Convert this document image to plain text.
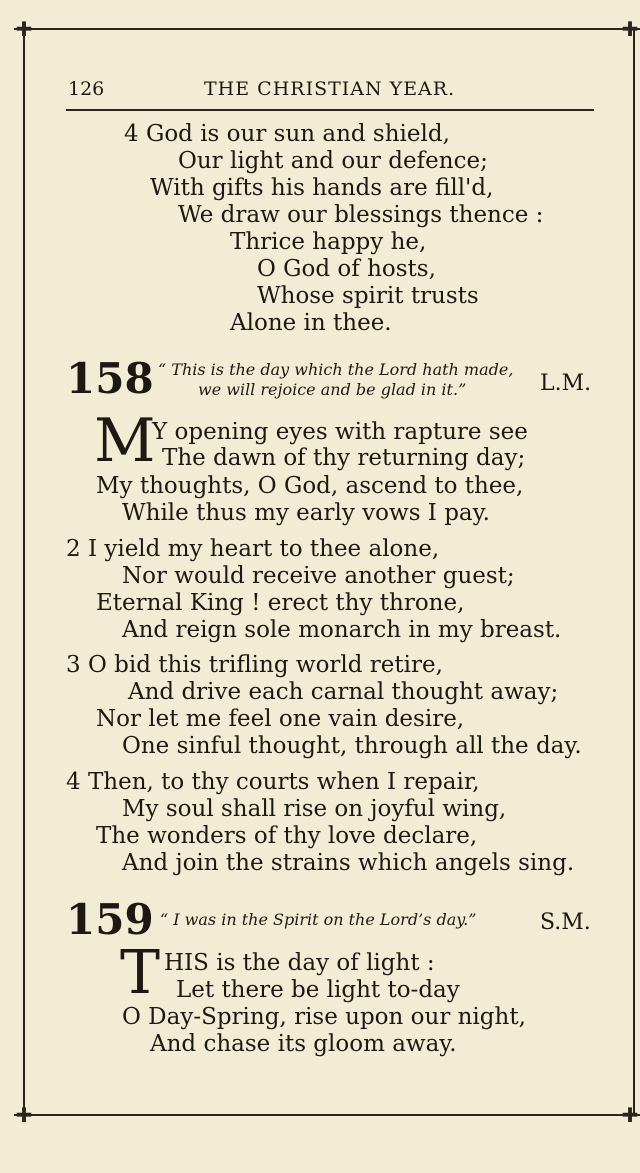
✚	✚
✚	✚
126	THE CHRISTIAN YEAR.
4 God is our sun and shield,
Our light and our defence;
With gifts his hands are fill'd,
We draw our blessings thence :
Thrice happy he,
O God of hosts,
Whose spirit trusts
Alone in thee.
158 “ This is the day which the Lord hath made,
we will rejoice and be glad in it.”	L.M.
M
Y opening eyes with rapture see
The dawn of thy returning day;
My thoughts, O God, ascend to thee,
While thus my early vows I pay.
2 I yield my heart to thee alone,
Nor would receive another guest;
Eternal King ! erect thy throne,
And reign sole monarch in my breast.
3 O bid this trifling world retire,
And drive each carnal thought away;
Nor let me feel one vain desire,
One sinful thought, through all the day.
4 Then, to thy courts when I repair,
My soul shall rise on joyful wing,
The wonders of thy love declare,
And join the strains which angels sing.
159 “ I was in the Spirit on the Lord’s day.”	S.M.
T HIS is the day of light :
Let there be light to-day
O Day-Spring, rise upon our night,
And chase its gloom away.
